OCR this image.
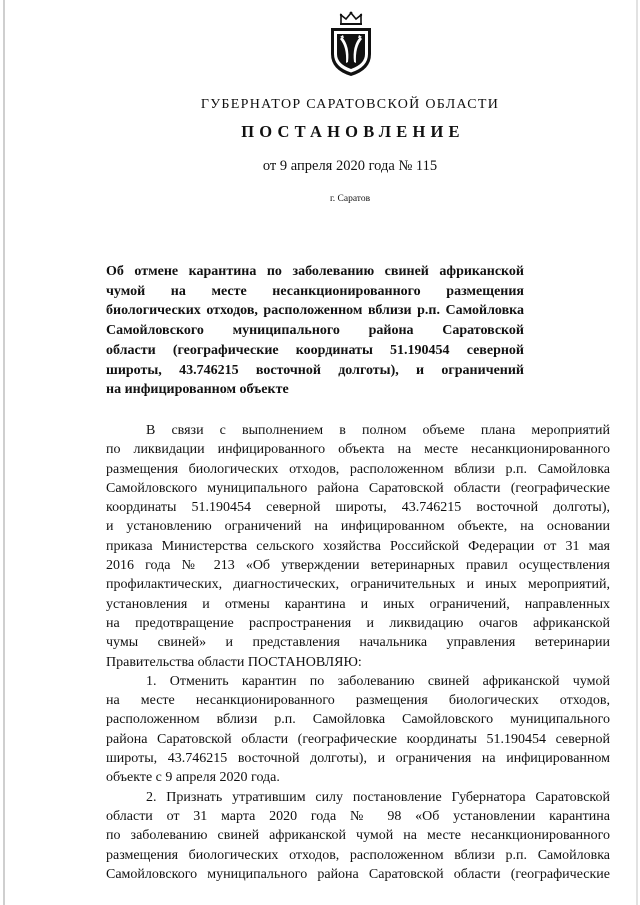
ГУБЕРНАТОР САРАТОВСКОЙ ОБЛАСТИ
ПОСТАНОВЛЕНИЕ
от 9 апреля 2020 года № 115
г. Саратов
Об отмене карантина по заболеванию свиней африканской
чумой на месте несанкционированного размещения
биологических отходов, расположенном вблизи р.п. Самойловка
Самойловского муниципального района Саратовской
области (географические координаты 51.190454 северной
широты, 43.746215 восточной долготы), и ограничений
на инфицированном объекте
В связи с выполнением в полном объеме плана мероприятий
по ликвидации инфицированного объекта на месте несанкционированного
размещения биологических отходов, расположенном вблизи р.п. Самойловка
Самойловского муниципального района Саратовской области (географические
координаты 51.190454 северной широты, 43.746215 восточной долготы),
и установлению ограничений на инфицированном объекте, на основании
приказа Министерства сельского хозяйства Российской Федерации от 31 мая
2016 года № 213 «Об утверждении ветеринарных правил осуществления
профилактических, диагностических, ограничительных и иных мероприятий,
установления и отмены карантина и иных ограничений, направленных
на предотвращение распространения и ликвидацию очагов африканской
чумы свиней» и представления начальника управления ветеринарии
Правительства области ПОСТАНОВЛЯЮ:
1. Отменить карантин по заболеванию свиней африканской чумой
на месте несанкционированного размещения биологических отходов,
расположенном вблизи р.п. Самойловка Самойловского муниципального
района Саратовской области (географические координаты 51.190454 северной
широты, 43.746215 восточной долготы), и ограничения на инфицированном
объекте с 9 апреля 2020 года.
2. Признать утратившим силу постановление Губернатора Саратовской
области от 31 марта 2020 года № 98 «Об установлении карантина
по заболеванию свиней африканской чумой на месте несанкционированного
размещения биологических отходов, расположенном вблизи р.п. Самойловка
Самойловского муниципального района Саратовской области (географические
